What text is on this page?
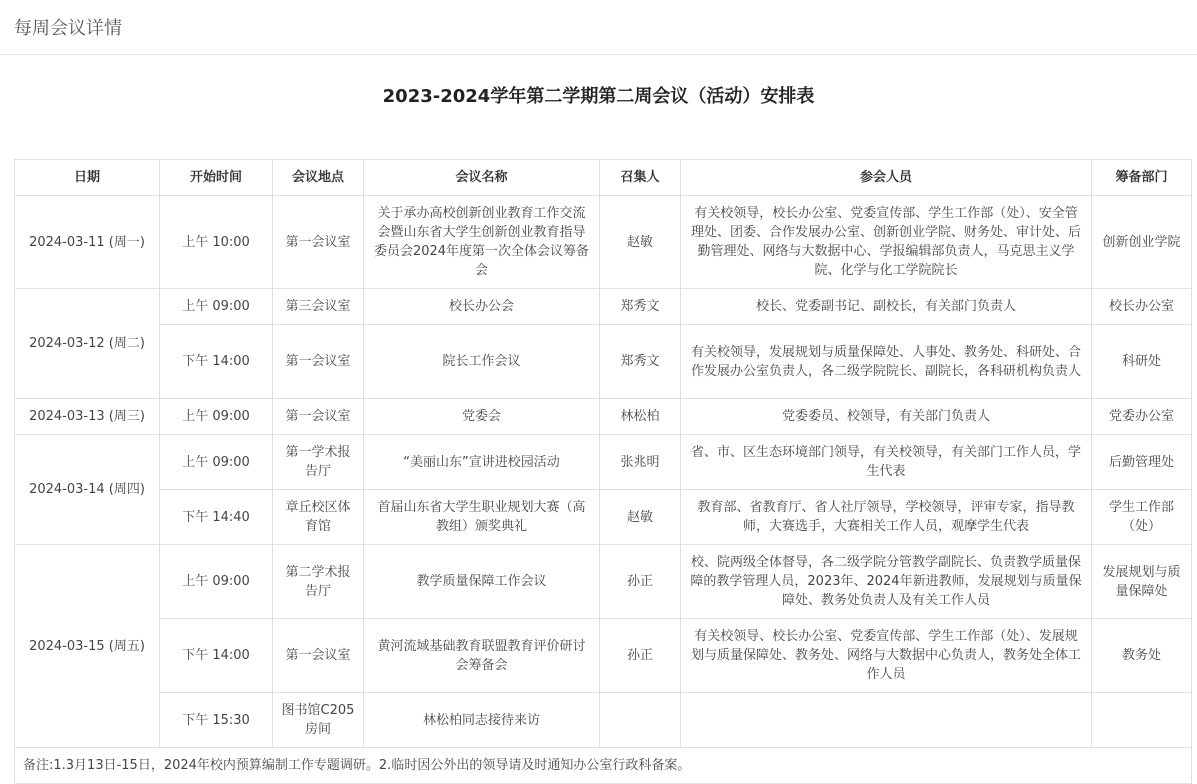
每周会议详情
2023-2024学年第二学期第二周会议（活动）安排表
日期	开始时间	会议地点	会议名称	召集人	参会人员	筹备部门
2024-03-11 (周一)	上午 10:00	第一会议室	关于承办高校创新创业教育工作交流会暨山东省大学生创新创业教育指导委员会2024年度第一次全体会议筹备会	赵敏	有关校领导，校长办公室、党委宣传部、学生工作部（处）、安全管理处、团委、合作发展办公室、创新创业学院、财务处、审计处、后勤管理处、网络与大数据中心、学报编辑部负责人，马克思主义学院、化学与化工学院院长	创新创业学院
2024-03-12 (周二)	上午 09:00	第三会议室	校长办公会	郑秀文	校长、党委副书记、副校长，有关部门负责人	校长办公室
	下午 14:00	第一会议室	院长工作会议	郑秀文	有关校领导，发展规划与质量保障处、人事处、教务处、科研处、合作发展办公室负责人，各二级学院院长、副院长，各科研机构负责人	科研处
2024-03-13 (周三)	上午 09:00	第一会议室	党委会	林松柏	党委委员、校领导，有关部门负责人	党委办公室
2024-03-14 (周四)	上午 09:00	第一学术报告厅	“美丽山东”宣讲进校园活动	张兆明	省、市、区生态环境部门领导，有关校领导，有关部门工作人员，学生代表	后勤管理处
	下午 14:40	章丘校区体育馆	首届山东省大学生职业规划大赛（高教组）颁奖典礼	赵敏	教育部、省教育厅、省人社厅领导，学校领导，评审专家，指导教师，大赛选手，大赛相关工作人员，观摩学生代表	学生工作部（处）
2024-03-15 (周五)	上午 09:00	第二学术报告厅	教学质量保障工作会议	孙正	校、院两级全体督导，各二级学院分管教学副院长、负责教学质量保障的教学管理人员，2023年、2024年新进教师，发展规划与质量保障处、教务处负责人及有关工作人员	发展规划与质量保障处
	下午 14:00	第一会议室	黄河流域基础教育联盟教育评价研讨会筹备会	孙正	有关校领导、校长办公室、党委宣传部、学生工作部（处）、发展规划与质量保障处、教务处、网络与大数据中心负责人，教务处全体工作人员	教务处
	下午 15:30	图书馆C205房间	林松柏同志接待来访			
备注:1.3月13日-15日，2024年校内预算编制工作专题调研。2.临时因公外出的领导请及时通知办公室行政科备案。						
